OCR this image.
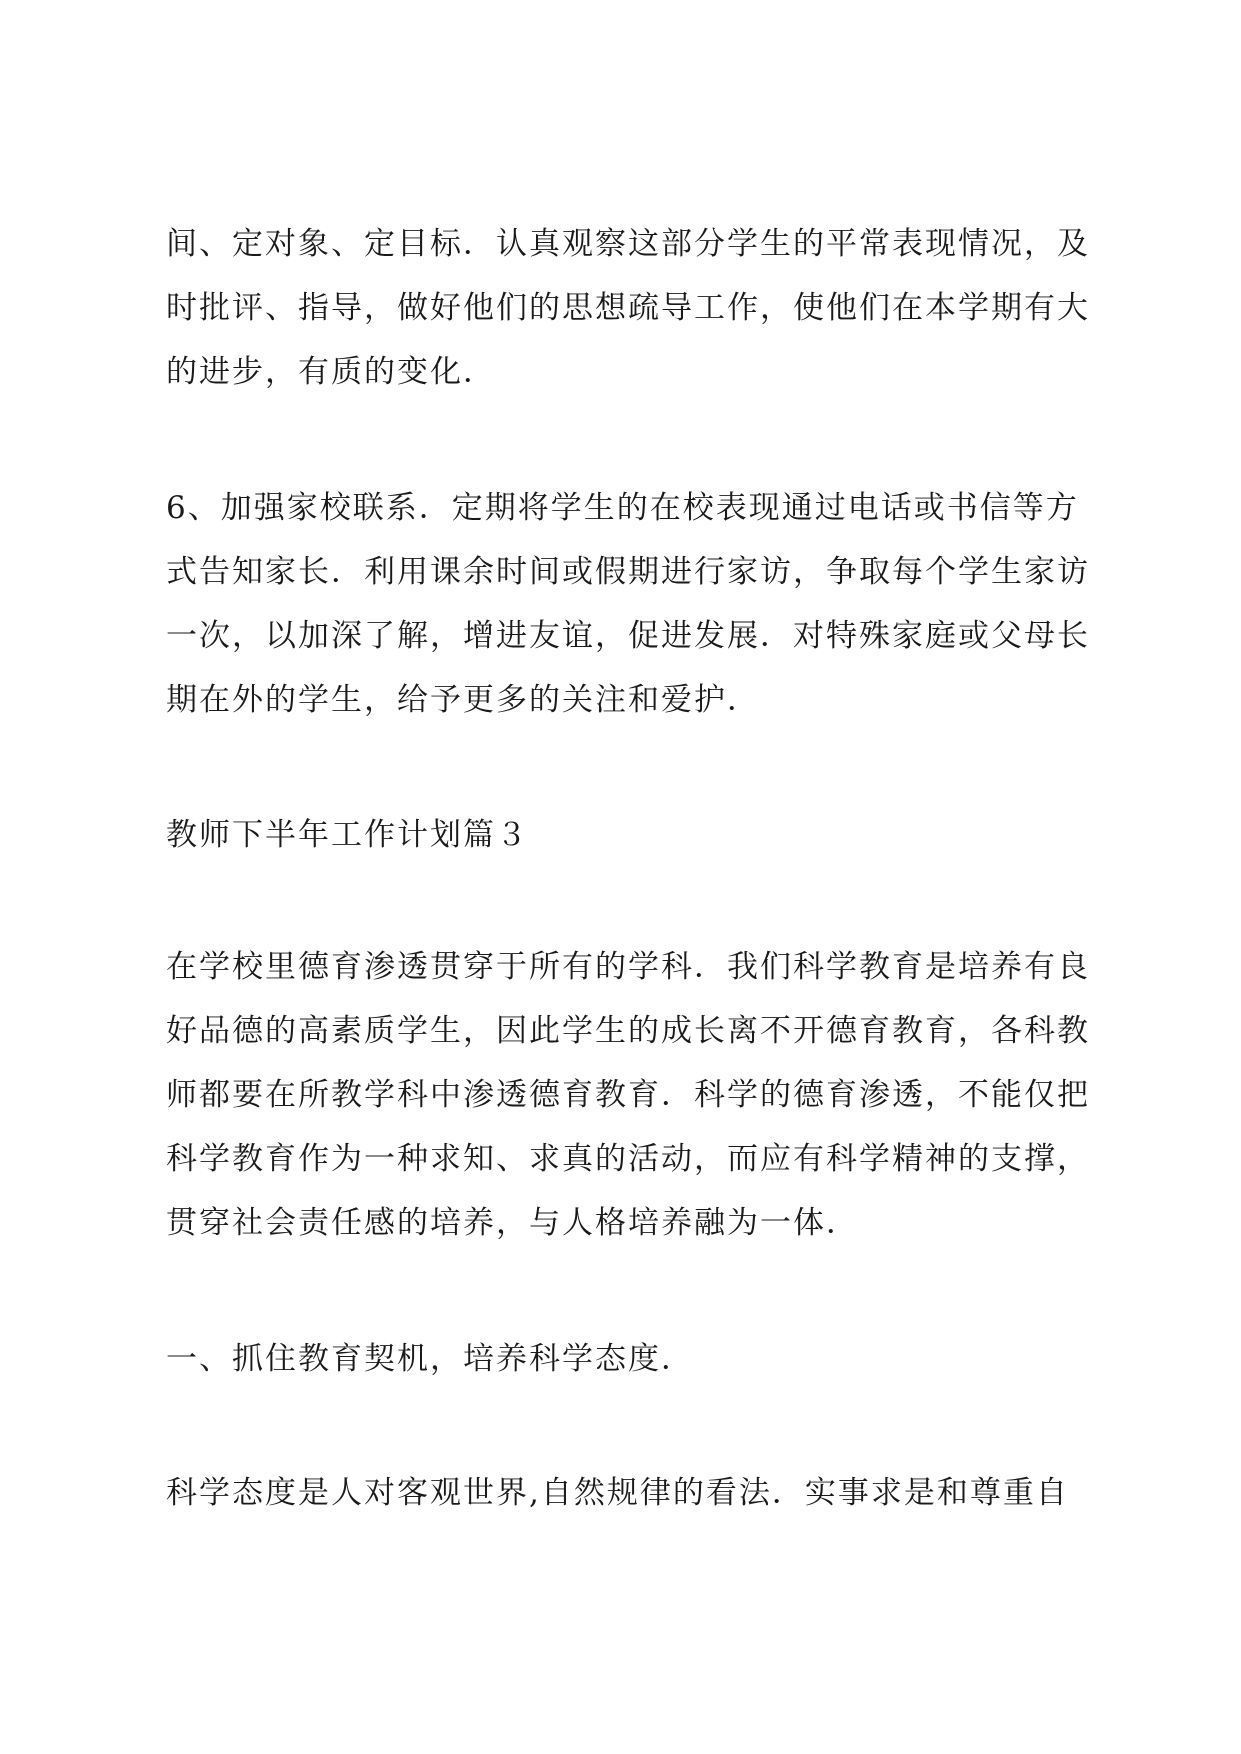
间、定对象、定目标．认真观察这部分学生的平常表现情况，及
时批评、指导，做好他们的思想疏导工作，使他们在本学期有大
的进步，有质的变化．
6、加强家校联系．定期将学生的在校表现通过电话或书信等方
式告知家长．利用课余时间或假期进行家访，争取每个学生家访
一次，以加深了解，增进友谊，促进发展．对特殊家庭或父母长
期在外的学生，给予更多的关注和爱护．
教师下半年工作计划篇３
在学校里德育渗透贯穿于所有的学科．我们科学教育是培养有良
好品德的高素质学生，因此学生的成长离不开德育教育，各科教
师都要在所教学科中渗透德育教育．科学的德育渗透，不能仅把
科学教育作为一种求知、求真的活动，而应有科学精神的支撑，
贯穿社会责任感的培养，与人格培养融为一体．
一、抓住教育契机，培养科学态度．
科学态度是人对客观世界,自然规律的看法．实事求是和尊重自
